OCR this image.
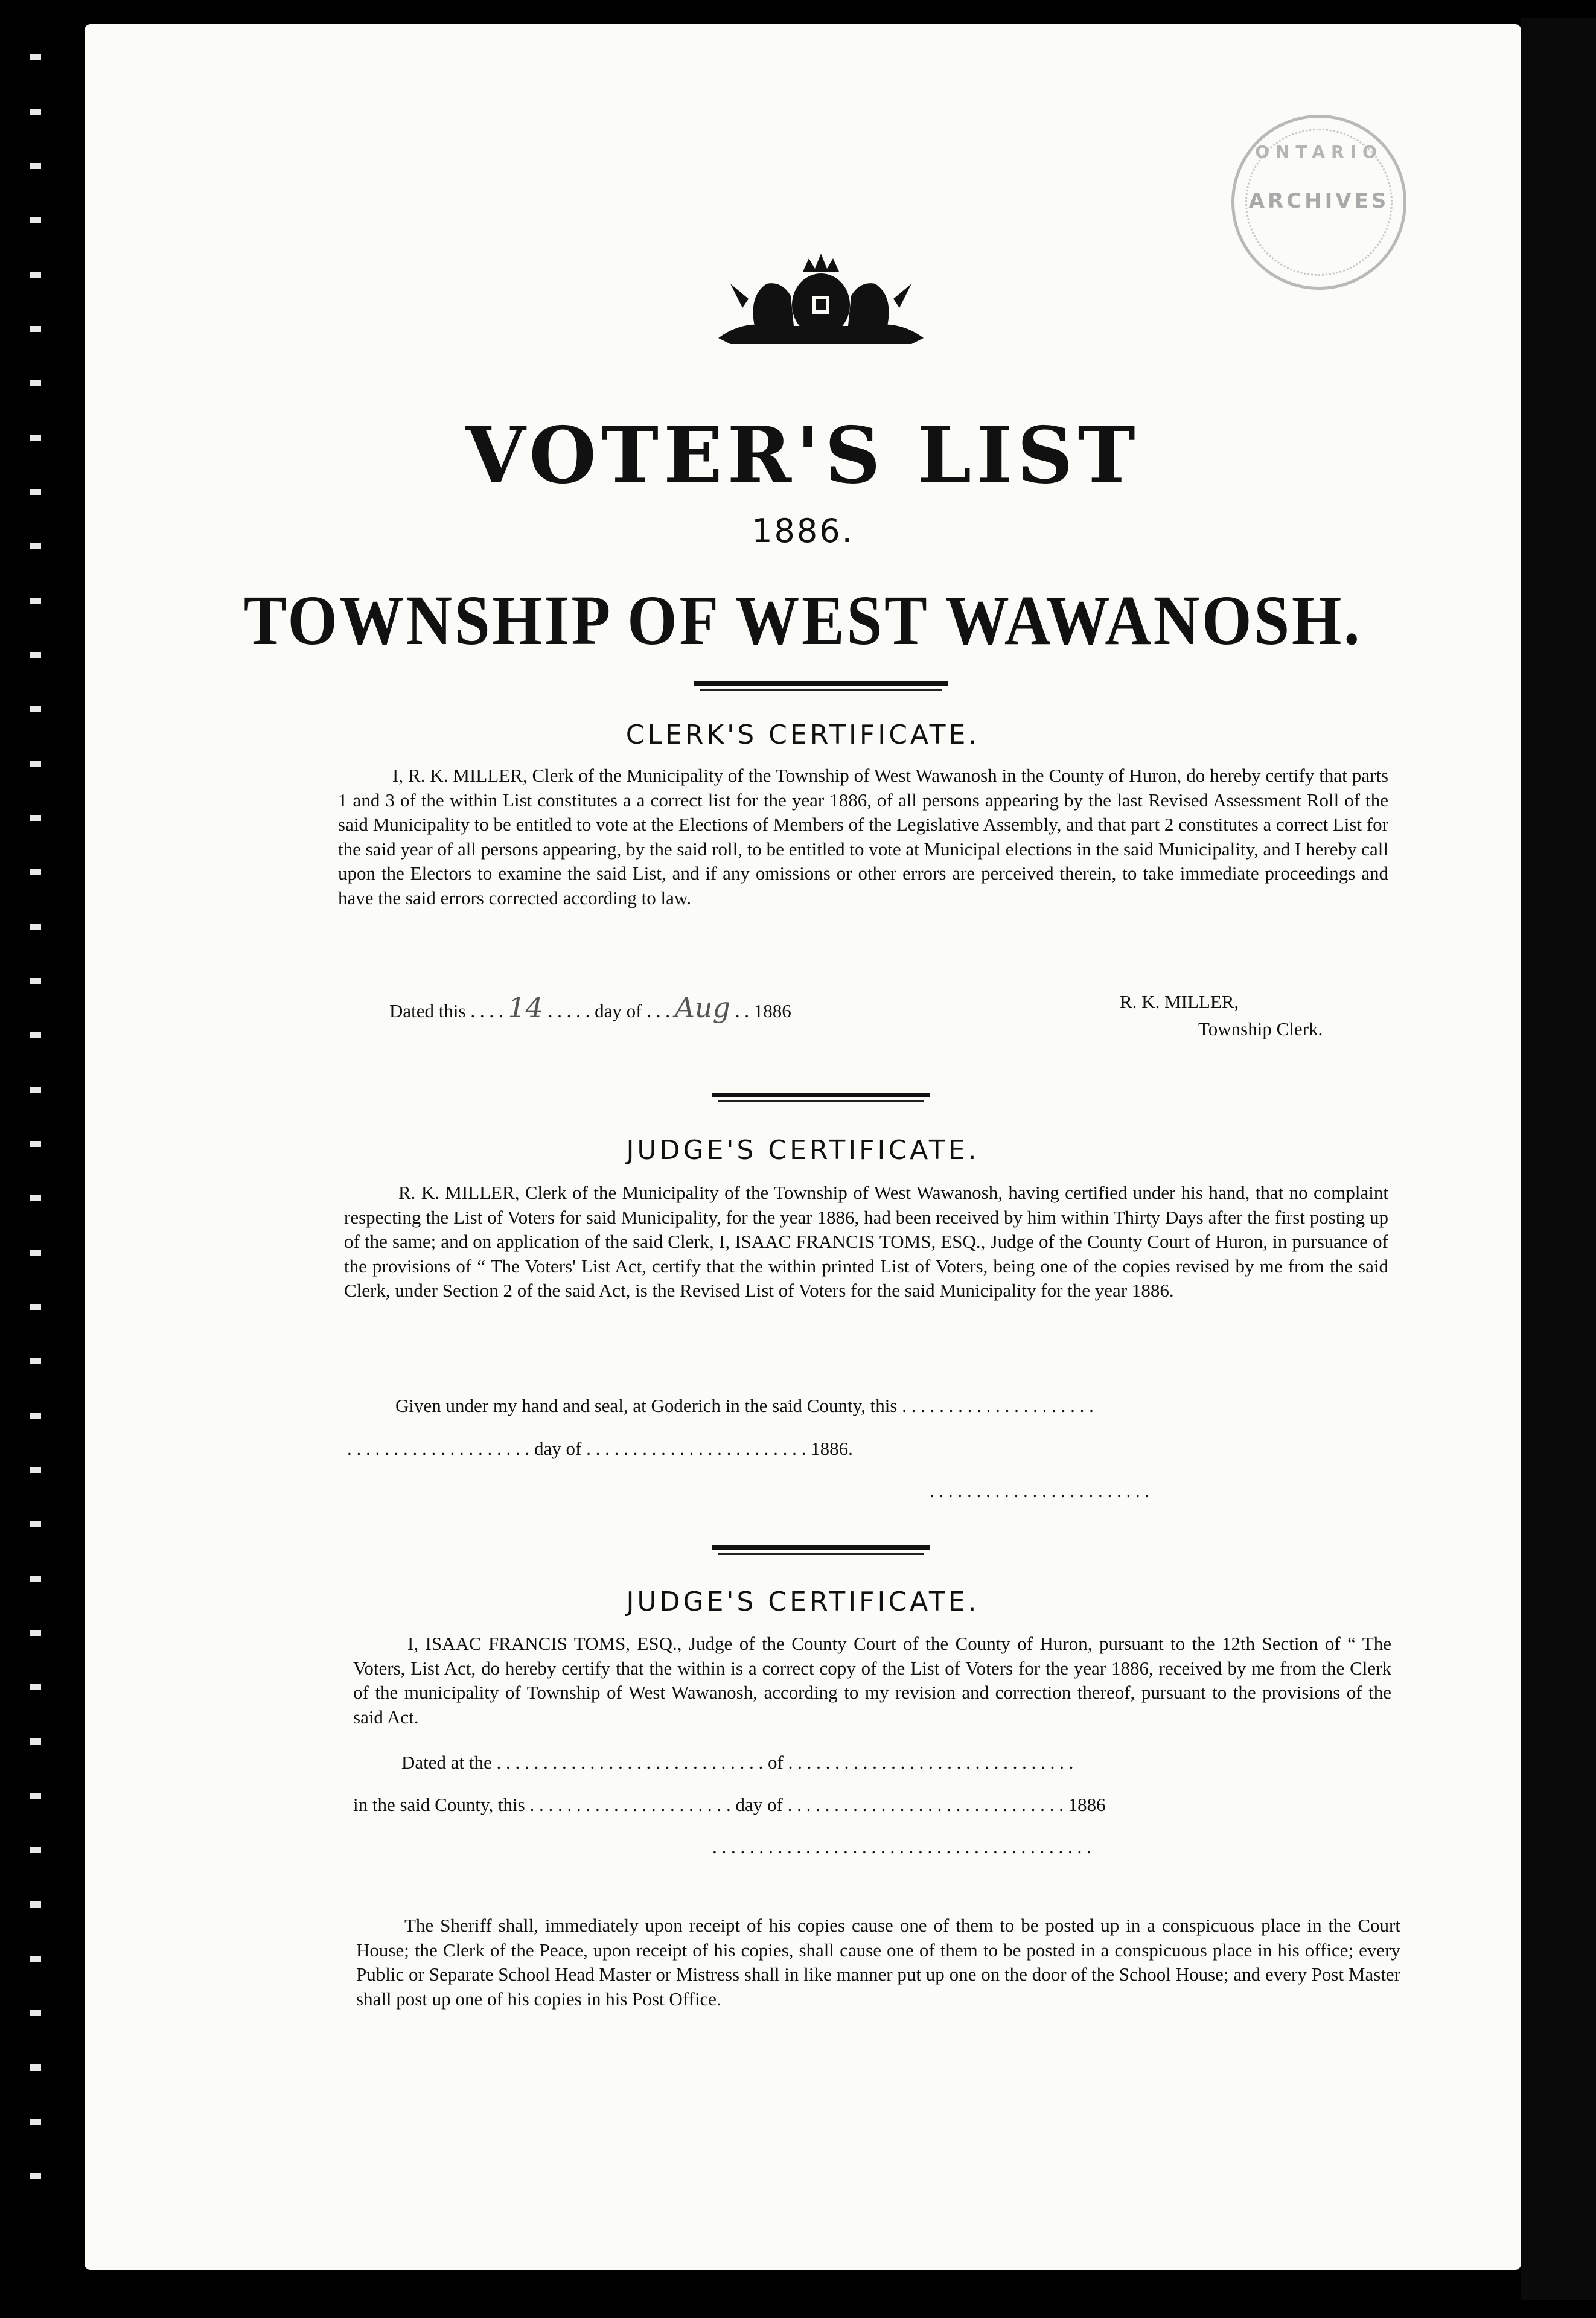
ONTARIO
ARCHIVES
VOTER'S LIST
1886.
TOWNSHIP OF WEST WAWANOSH.
CLERK'S CERTIFICATE.

I, R. K. MILLER, Clerk of the Municipality of the Township of West Wawanosh in the County of Huron, do hereby certify that parts 1 and 3 of the within List constitutes a a correct list for the year 1886, of all persons appearing by the last Revised Assessment Roll of the said Municipality to be entitled to vote at the Elections of Members of the Legislative Assembly, and that part 2 constitutes a correct List for the said year of all persons appearing, by the said roll, to be entitled to vote at Municipal elections in the said Municipality, and I hereby call upon the Electors to examine the said List, and if any omissions or other errors are perceived therein, to take immediate proceedings and have the said errors corrected according to law.

Dated this . . . . 14 . . . . . day of . . . Aug . . 1886	R. K. MILLER,
Township Clerk.
JUDGE'S CERTIFICATE.

R. K. MILLER, Clerk of the Municipality of the Township of West Wawanosh, having certified under his hand, that no complaint respecting the List of Voters for said Municipality, for the year 1886, had been received by him within Thirty Days after the first posting up of the same; and on application of the said Clerk, I, ISAAC FRANCIS TOMS, ESQ., Judge of the County Court of Huron, in pursuance of the provisions of “ The Voters' List Act, certify that the within printed List of Voters, being one of the copies revised by me from the said Clerk, under Section 2 of the said Act, is the Revised List of Voters for the said Municipality for the year 1886.

Given under my hand and seal, at Goderich in the said County, this . . . . . . . . . . . . . . . . . . . . .
. . . . . . . . . . . . . . . . . . . . day of . . . . . . . . . . . . . . . . . . . . . . . . 1886.
. . . . . . . . . . . . . . . . . . . . . . . .
JUDGE'S CERTIFICATE.

I, ISAAC FRANCIS TOMS, ESQ., Judge of the County Court of the County of Huron, pursuant to the 12th Section of “ The Voters, List Act, do hereby certify that the within is a correct copy of the List of Voters for the year 1886, received by me from the Clerk of the municipality of Township of West Wawanosh, according to my revision and correction thereof, pursuant to the provisions of the said Act.

Dated at the . . . . . . . . . . . . . . . . . . . . . . . . . . . . . of . . . . . . . . . . . . . . . . . . . . . . . . . . . . . . .
in the said County, this . . . . . . . . . . . . . . . . . . . . . . day of . . . . . . . . . . . . . . . . . . . . . . . . . . . . . . 1886
. . . . . . . . . . . . . . . . . . . . . . . . . . . . . . . . . . . . . . . . .

The Sheriff shall, immediately upon receipt of his copies cause one of them to be posted up in a conspicuous place in the Court House; the Clerk of the Peace, upon receipt of his copies, shall cause one of them to be posted in a conspicuous place in his office; every Public or Separate School Head Master or Mistress shall in like manner put up one on the door of the School House; and every Post Master shall post up one of his copies in his Post Office.
